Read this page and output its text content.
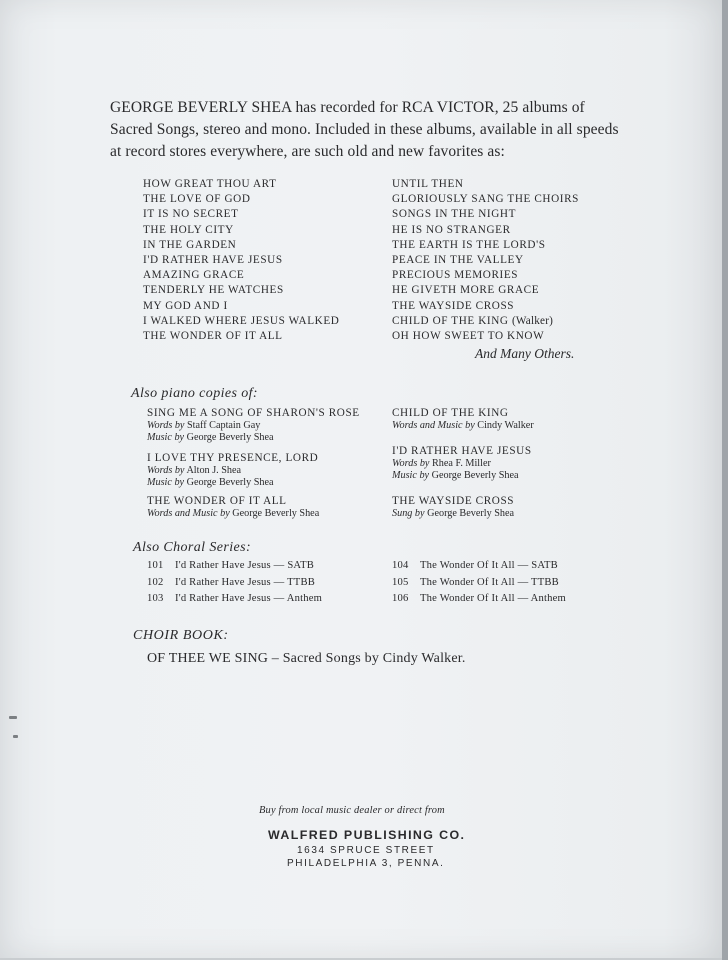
GEORGE BEVERLY SHEA has recorded for RCA VICTOR, 25 albums of
Sacred Songs, stereo and mono. Included in these albums, available in all speeds
at record stores everywhere, are such old and new favorites as:
HOW GREAT THOU ART
THE LOVE OF GOD
IT IS NO SECRET
THE HOLY CITY
IN THE GARDEN
I'D RATHER HAVE JESUS
AMAZING GRACE
TENDERLY HE WATCHES
MY GOD AND I
I WALKED WHERE JESUS WALKED
THE WONDER OF IT ALL
UNTIL THEN
GLORIOUSLY SANG THE CHOIRS
SONGS IN THE NIGHT
HE IS NO STRANGER
THE EARTH IS THE LORD'S
PEACE IN THE VALLEY
PRECIOUS MEMORIES
HE GIVETH MORE GRACE
THE WAYSIDE CROSS
CHILD OF THE KING (Walker)
OH HOW SWEET TO KNOW
And Many Others.
Also piano copies of:
SING ME A SONG OF SHARON'S ROSE
Words by Staff Captain Gay
Music by George Beverly Shea
I LOVE THY PRESENCE, LORD
Words by Alton J. Shea
Music by George Beverly Shea
THE WONDER OF IT ALL
Words and Music by George Beverly Shea
CHILD OF THE KING
Words and Music by Cindy Walker
I'D RATHER HAVE JESUS
Words by Rhea F. Miller
Music by George Beverly Shea
THE WAYSIDE CROSS
Sung by George Beverly Shea
Also Choral Series:
101 I'd Rather Have Jesus — SATB
102 I'd Rather Have Jesus — TTBB
103 I'd Rather Have Jesus — Anthem
104 The Wonder Of It All — SATB
105 The Wonder Of It All — TTBB
106 The Wonder Of It All — Anthem
CHOIR BOOK:
OF THEE WE SING – Sacred Songs by Cindy Walker.
Buy from local music dealer or direct from
WALFRED PUBLISHING CO.
1634 SPRUCE STREET
PHILADELPHIA 3, PENNA.
